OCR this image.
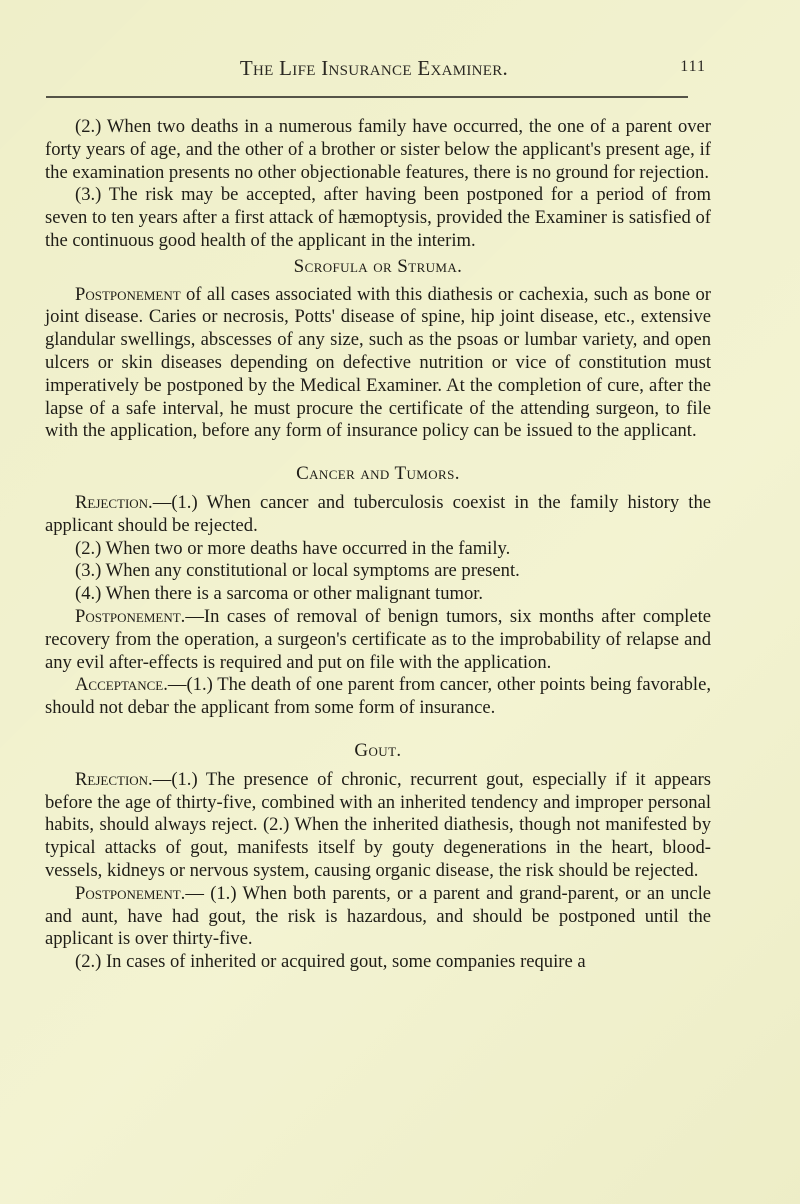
The Life Insurance Examiner.	111

(2.) When two deaths in a numerous family have occurred, the one of a parent over forty years of age, and the other of a brother or sister below the applicant's present age, if the examination presents no other objectionable features, there is no ground for rejection.

(3.) The risk may be accepted, after having been postponed for a period of from seven to ten years after a first attack of hæmoptysis, provided the Examiner is satisfied of the continuous good health of the applicant in the interim.

Scrofula or Struma.

Postponement of all cases associated with this diathesis or cachexia, such as bone or joint disease. Caries or necrosis, Potts' disease of spine, hip joint disease, etc., extensive glandular swellings, abscesses of any size, such as the psoas or lumbar variety, and open ulcers or skin diseases depending on defective nutrition or vice of constitution must imperatively be postponed by the Medical Examiner. At the completion of cure, after the lapse of a safe interval, he must procure the certificate of the attending surgeon, to file with the application, before any form of insurance policy can be issued to the applicant.

Cancer and Tumors.

Rejection.—(1.) When cancer and tuberculosis coexist in the family history the applicant should be rejected.

(2.) When two or more deaths have occurred in the family.

(3.) When any constitutional or local symptoms are present.

(4.) When there is a sarcoma or other malignant tumor.

Postponement.—In cases of removal of benign tumors, six months after complete recovery from the operation, a surgeon's certificate as to the improbability of relapse and any evil after-effects is required and put on file with the application.

Acceptance.—(1.) The death of one parent from cancer, other points being favorable, should not debar the applicant from some form of insurance.

Gout.

Rejection.—(1.) The presence of chronic, recurrent gout, especially if it appears before the age of thirty-five, combined with an inherited tendency and improper personal habits, should always reject. (2.) When the inherited diathesis, though not manifested by typical attacks of gout, manifests itself by gouty degenerations in the heart, blood-vessels, kidneys or nervous system, causing organic disease, the risk should be rejected.

Postponement.— (1.) When both parents, or a parent and grand-parent, or an uncle and aunt, have had gout, the risk is hazardous, and should be postponed until the applicant is over thirty-five.

(2.) In cases of inherited or acquired gout, some companies require a
